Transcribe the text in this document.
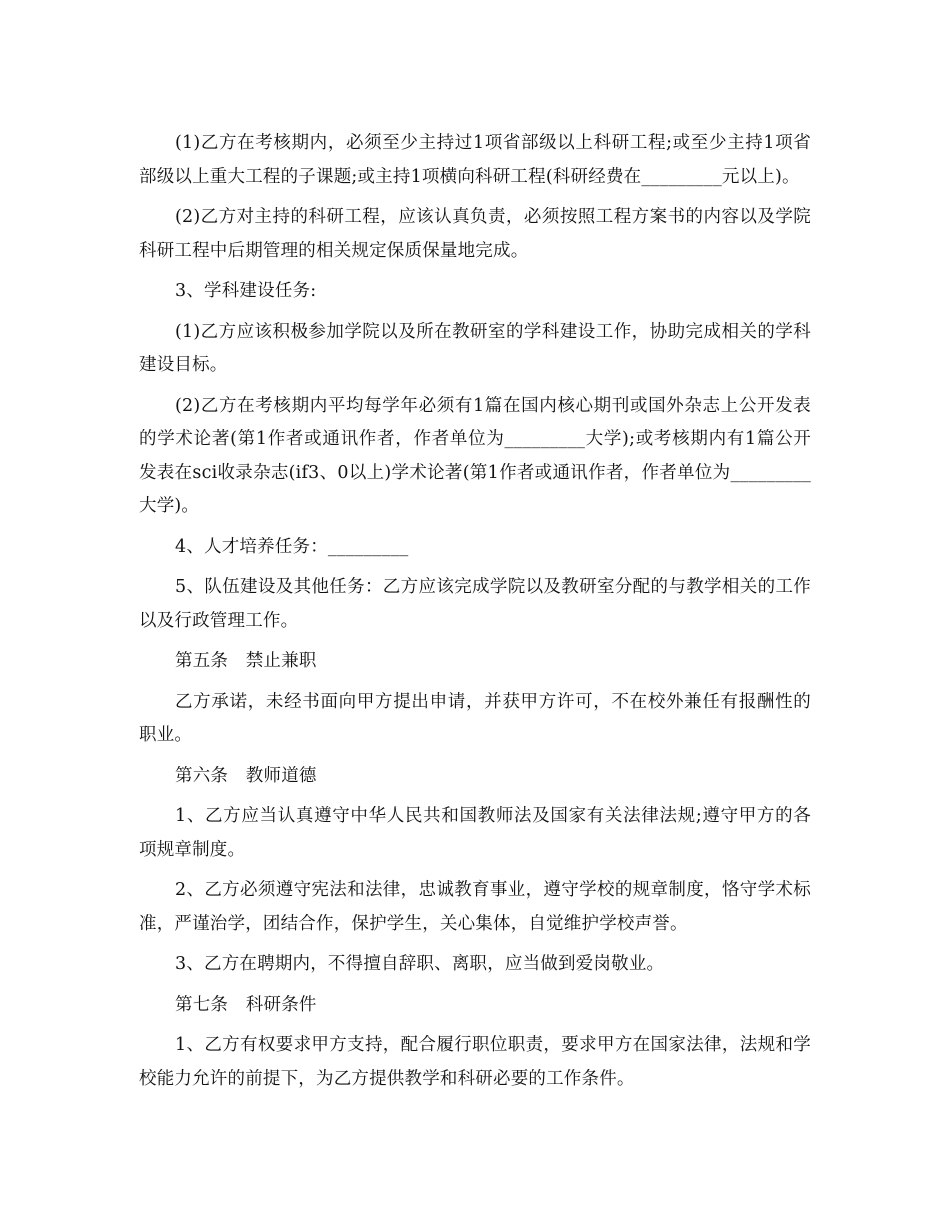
(1)乙方在考核期内，必须至少主持过1项省部级以上科研工程;或至少主持1项省部级以上重大工程的子课题;或主持1项横向科研工程(科研经费在_________元以上)。

(2)乙方对主持的科研工程，应该认真负责，必须按照工程方案书的内容以及学院科研工程中后期管理的相关规定保质保量地完成。

3、学科建设任务:

(1)乙方应该积极参加学院以及所在教研室的学科建设工作，协助完成相关的学科建设目标。

(2)乙方在考核期内平均每学年必须有1篇在国内核心期刊或国外杂志上公开发表的学术论著(第1作者或通讯作者，作者单位为_________大学);或考核期内有1篇公开发表在sci收录杂志(if3、0以上)学术论著(第1作者或通讯作者，作者单位为_________大学)。

4、人才培养任务：_________

5、队伍建设及其他任务：乙方应该完成学院以及教研室分配的与教学相关的工作以及行政管理工作。

第五条　禁止兼职

乙方承诺，未经书面向甲方提出申请，并获甲方许可，不在校外兼任有报酬性的职业。

第六条　教师道德

1、乙方应当认真遵守中华人民共和国教师法及国家有关法律法规;遵守甲方的各项规章制度。

2、乙方必须遵守宪法和法律，忠诚教育事业，遵守学校的规章制度，恪守学术标准，严谨治学，团结合作，保护学生，关心集体，自觉维护学校声誉。

3、乙方在聘期内，不得擅自辞职、离职，应当做到爱岗敬业。

第七条　科研条件

1、乙方有权要求甲方支持，配合履行职位职责，要求甲方在国家法律，法规和学校能力允许的前提下，为乙方提供教学和科研必要的工作条件。
